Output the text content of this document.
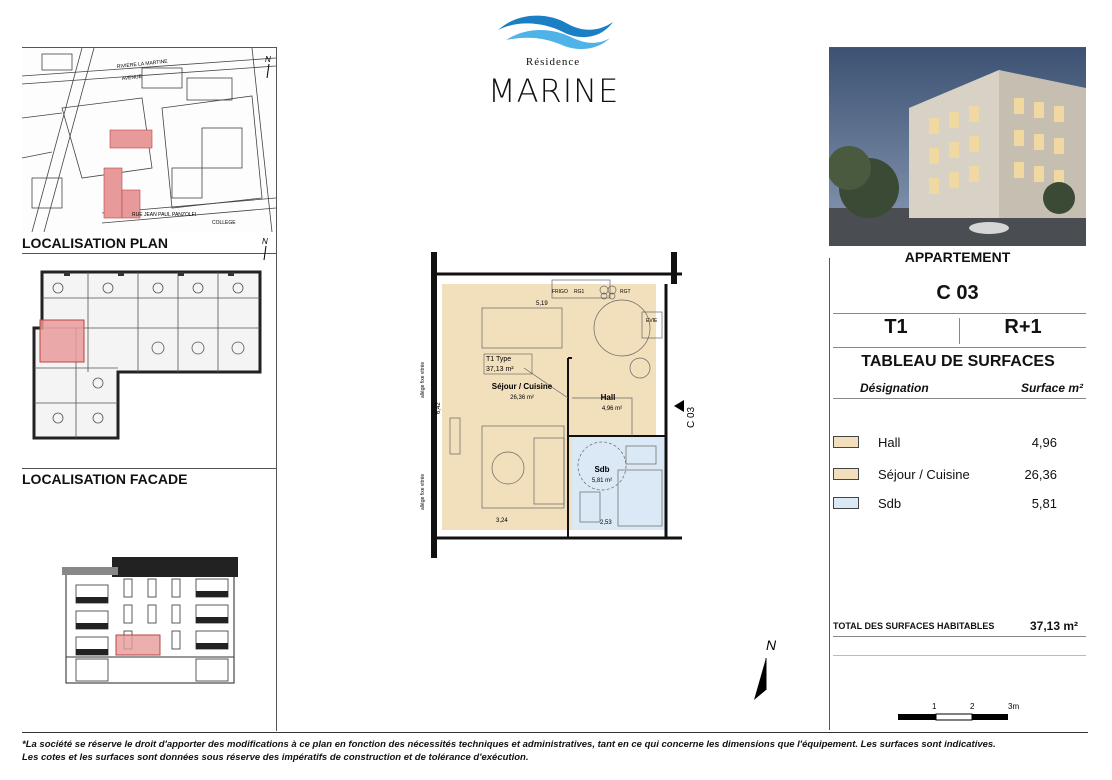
Résidence
MARINE
RUE JEAN PAUL PANZOLFI
COLLEGE
RIVIERE LA MARTINE
AVENUE
N
LOCALISATION PLAN	N
LOCALISATION FACADE
T1 Type
37,13 m²
Séjour / Cuisine
26,36 m²	Hall
4,96 m²
Sdb
5,81 m²
5,19
6,42
3,24	2,53
FRIGO RG1	RGT
EVIE
allège fixe vitrée
allège fixe vitrée
C 03
APPARTEMENT
C 03
T1	R+1
TABLEAU DE SURFACES
Désignation	Surface m²
Hall	4,96
Séjour / Cuisine	26,36
Sdb	5,81
TOTAL DES SURFACES HABITABLES	37,13 m²
N
1	2	3m
*La société se réserve le droit d'apporter des modifications à ce plan en fonction des nécessités techniques et administratives, tant en ce qui concerne les dimensions que l'équipement. Les surfaces sont indicatives.
Les cotes et les surfaces sont données sous réserve des impératifs de construction et de tolérance d'exécution.
